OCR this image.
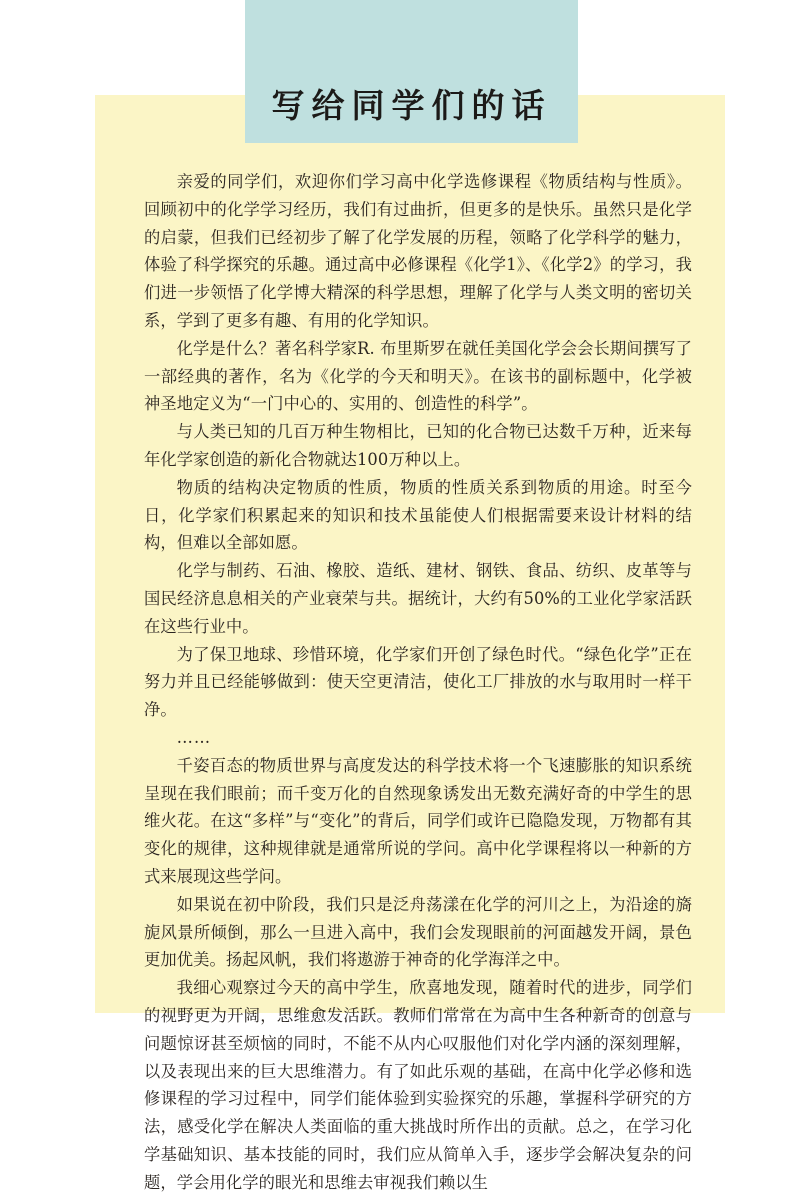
写给同学们的话

亲爱的同学们，欢迎你们学习高中化学选修课程《物质结构与性质》。回顾初中的化学学习经历，我们有过曲折，但更多的是快乐。虽然只是化学的启蒙，但我们已经初步了解了化学发展的历程，领略了化学科学的魅力，体验了科学探究的乐趣。通过高中必修课程《化学1》、《化学2》的学习，我们进一步领悟了化学博大精深的科学思想，理解了化学与人类文明的密切关系，学到了更多有趣、有用的化学知识。

化学是什么？著名科学家R. 布里斯罗在就任美国化学会会长期间撰写了一部经典的著作，名为《化学的今天和明天》。在该书的副标题中，化学被神圣地定义为“一门中心的、实用的、创造性的科学”。

与人类已知的几百万种生物相比，已知的化合物已达数千万种，近来每年化学家创造的新化合物就达100万种以上。

物质的结构决定物质的性质，物质的性质关系到物质的用途。时至今日，化学家们积累起来的知识和技术虽能使人们根据需要来设计材料的结构，但难以全部如愿。

化学与制药、石油、橡胶、造纸、建材、钢铁、食品、纺织、皮革等与国民经济息息相关的产业衰荣与共。据统计，大约有50%的工业化学家活跃在这些行业中。

为了保卫地球、珍惜环境，化学家们开创了绿色时代。“绿色化学”正在努力并且已经能够做到：使天空更清洁，使化工厂排放的水与取用时一样干净。

……

千姿百态的物质世界与高度发达的科学技术将一个飞速膨胀的知识系统呈现在我们眼前；而千变万化的自然现象诱发出无数充满好奇的中学生的思维火花。在这“多样”与“变化”的背后，同学们或许已隐隐发现，万物都有其变化的规律，这种规律就是通常所说的学问。高中化学课程将以一种新的方式来展现这些学问。

如果说在初中阶段，我们只是泛舟荡漾在化学的河川之上，为沿途的旖旎风景所倾倒，那么一旦进入高中，我们会发现眼前的河面越发开阔，景色更加优美。扬起风帆，我们将遨游于神奇的化学海洋之中。

我细心观察过今天的高中学生，欣喜地发现，随着时代的进步，同学们的视野更为开阔，思维愈发活跃。教师们常常在为高中生各种新奇的创意与问题惊讶甚至烦恼的同时，不能不从内心叹服他们对化学内涵的深刻理解，以及表现出来的巨大思维潜力。有了如此乐观的基础，在高中化学必修和选修课程的学习过程中，同学们能体验到实验探究的乐趣，掌握科学研究的方法，感受化学在解决人类面临的重大挑战时所作出的贡献。总之，在学习化学基础知识、基本技能的同时，我们应从简单入手，逐步学会解决复杂的问题，学会用化学的眼光和思维去审视我们赖以生
